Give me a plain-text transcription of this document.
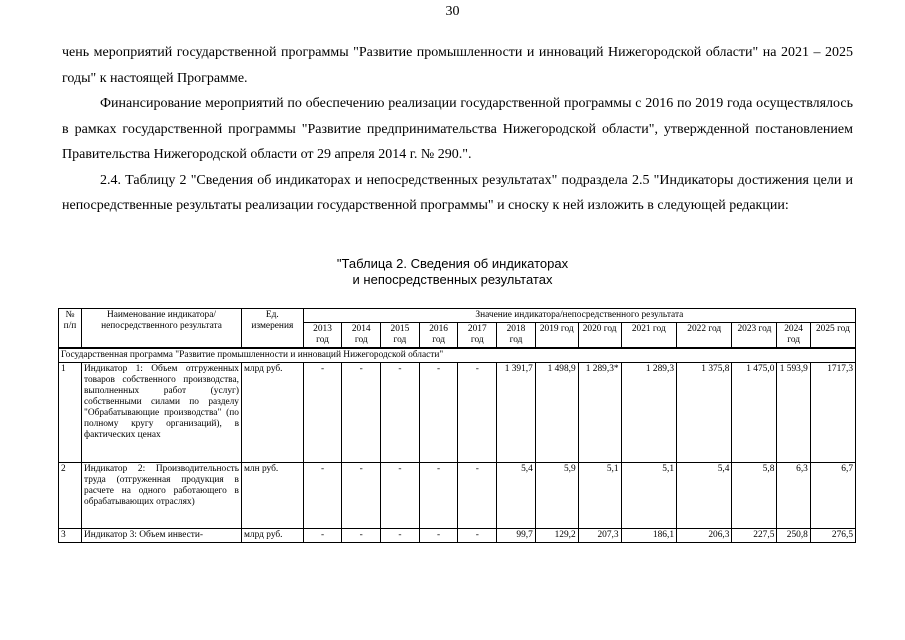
30

чень мероприятий государственной программы "Развитие промышленности и инноваций Нижегородской области" на 2021 – 2025 годы" к настоящей Программе.

Финансирование мероприятий по обеспечению реализации государственной программы с 2016 по 2019 года осуществлялось в рамках государственной программы "Развитие предпринимательства Нижегородской области", утвержденной постановлением Правительства Нижегородской области от 29 апреля 2014 г. № 290.".

2.4. Таблицу 2 "Сведения об индикаторах и непосредственных результатах" подраздела 2.5 "Индикаторы достижения цели и непосредственные результаты реализации государственной программы" и сноску к ней изложить в следующей редакции:

"Таблица 2. Сведения об индикаторах
и непосредственных результатах
№ п/п	Наименование индикатора/непосредственного результата	Ед. измерения	Значение индикатора/непосредственного результата												
			2013 год	2014 год	2015 год	2016 год	2017 год	2018 год	2019 год	2020 год	2021 год	2022 год	2023 год	2024 год	2025 год

Государственная программа "Развитие промышленности и инноваций Нижегородской области"															
1	Индикатор 1: Объем отгруженных товаров собственного производства, выполненных работ (услуг) собственными силами по разделу "Обрабатывающие производства" (по полному кругу организаций), в фактических ценах	млрд руб.	-	-	-	-	-	1 391,7	1 498,9	1 289,3*	1 289,3	1 375,8	1 475,0	1 593,9	1717,3
2	Индикатор 2: Производительность труда (отгруженная продукция в расчете на одного работающего в обрабатывающих отраслях)	млн руб.	-	-	-	-	-	5,4	5,9	5,1	5,1	5,4	5,8	6,3	6,7
3	Индикатор 3: Объем инвести-	млрд руб.	-	-	-	-	-	99,7	129,2	207,3	186,1	206,3	227,5	250,8	276,5
